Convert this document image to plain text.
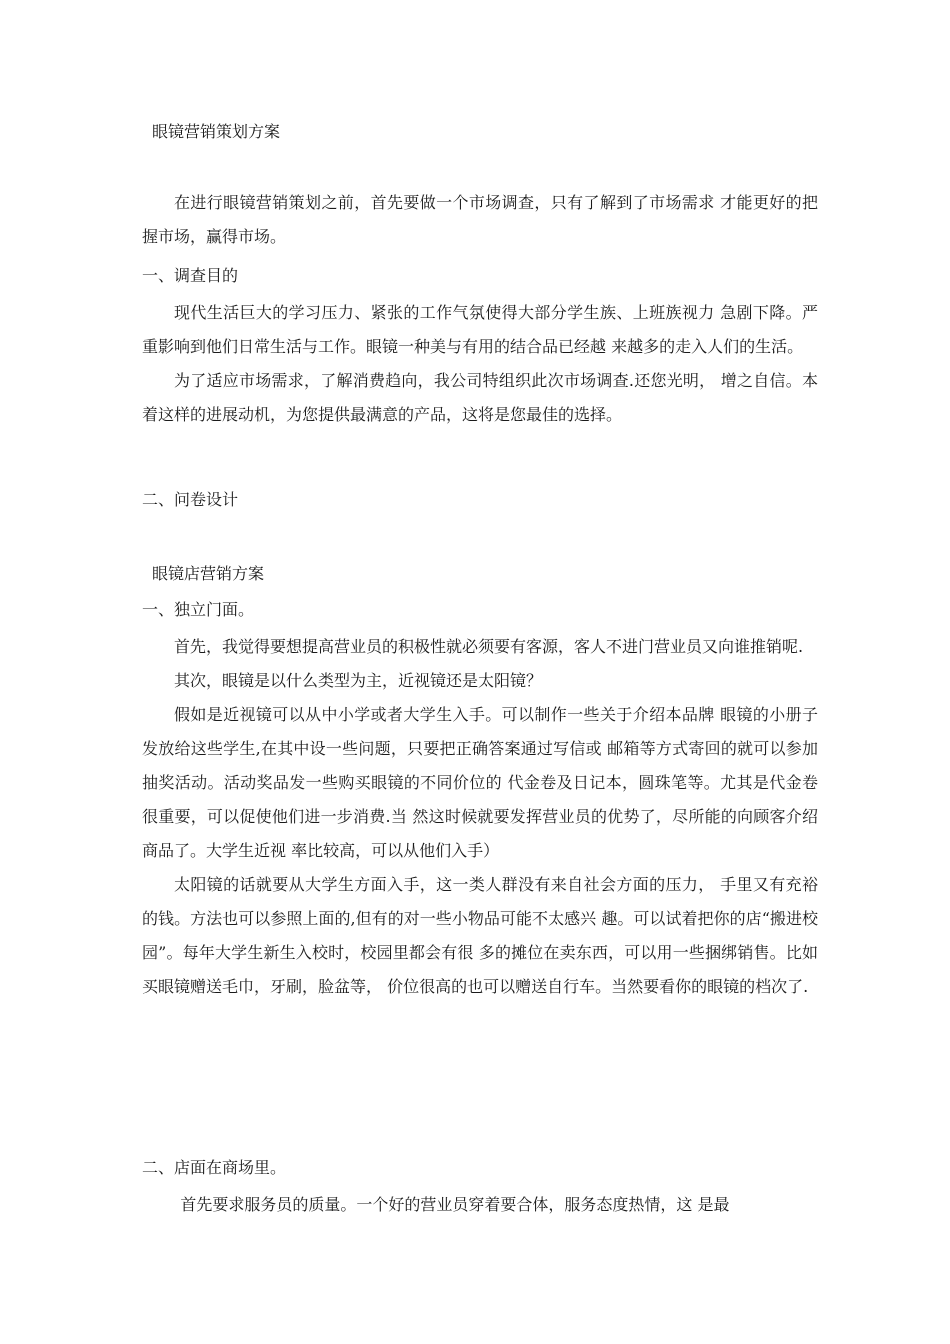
眼镜营销策划方案

在进行眼镜营销策划之前，首先要做一个市场调查，只有了解到了市场需求 才能更好的把握市场，赢得市场。

一、调查目的

现代生活巨大的学习压力、紧张的工作气氛使得大部分学生族、上班族视力 急剧下降。严重影响到他们日常生活与工作。眼镜一种美与有用的结合品已经越 来越多的走入人们的生活。

为了适应市场需求，了解消费趋向，我公司特组织此次市场调查.还您光明， 增之自信。本着这样的进展动机，为您提供最满意的产品，这将是您最佳的选择。

二、问卷设计
眼镜店营销方案
一、独立门面。

首先，我觉得要想提高营业员的积极性就必须要有客源，客人不进门营业员又向谁推销呢.

其次，眼镜是以什么类型为主，近视镜还是太阳镜？

假如是近视镜可以从中小学或者大学生入手。可以制作一些关于介绍本品牌 眼镜的小册子发放给这些学生,在其中设一些问题，只要把正确答案通过写信或 邮箱等方式寄回的就可以参加抽奖活动。活动奖品发一些购买眼镜的不同价位的 代金卷及日记本，圆珠笔等。尤其是代金卷很重要，可以促使他们进一步消费.当 然这时候就要发挥营业员的优势了，尽所能的向顾客介绍商品了。大学生近视 率比较高，可以从他们入手）

太阳镜的话就要从大学生方面入手，这一类人群没有来自社会方面的压力， 手里又有充裕的钱。方法也可以参照上面的,但有的对一些小物品可能不太感兴 趣。可以试着把你的店“搬进校园”。每年大学生新生入校时，校园里都会有很 多的摊位在卖东西，可以用一些捆绑销售。比如买眼镜赠送毛巾，牙刷，脸盆等， 价位很高的也可以赠送自行车。当然要看你的眼镜的档次了.

二、店面在商场里。

首先要求服务员的质量。一个好的营业员穿着要合体，服务态度热情，这 是最
